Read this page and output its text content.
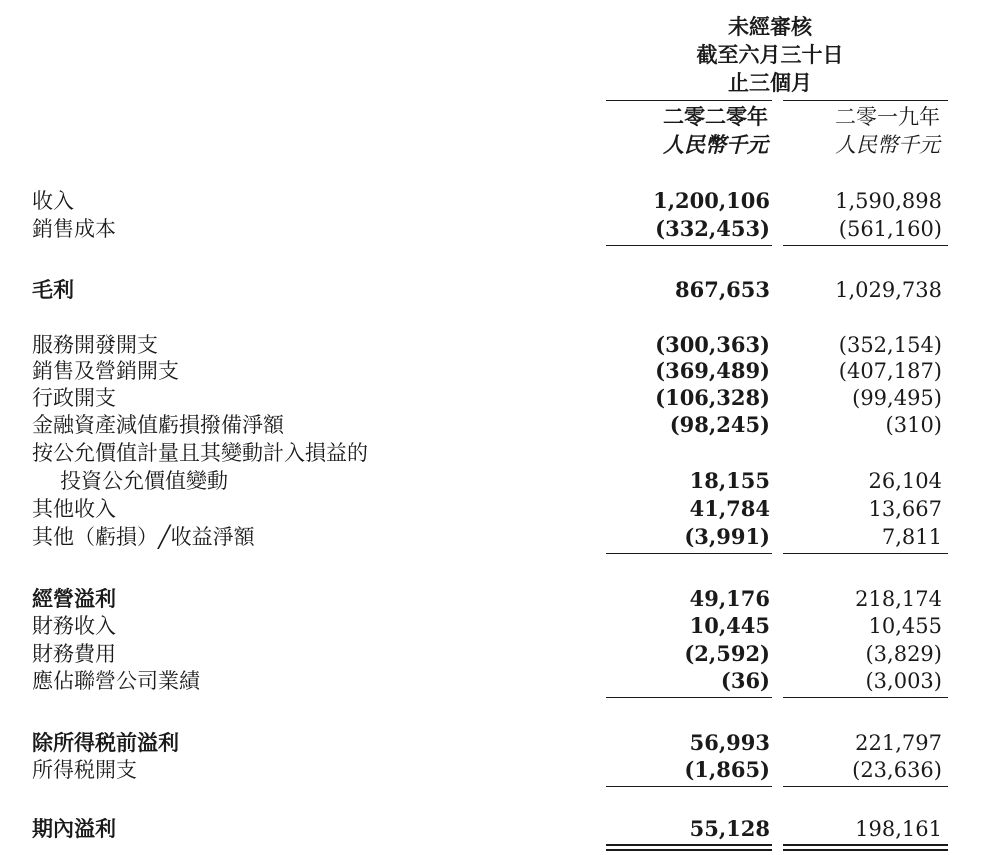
未經審核
截至六月三十日
止三個月
二零二零年
人民幣千元
二零一九年
人民幣千元
收入	1,200,106	1,590,898
銷售成本	(332,453)	(561,160)
毛利	867,653	1,029,738
服務開發開支	(300,363)	(352,154)
銷售及營銷開支	(369,489)	(407,187)
行政開支	(106,328)	(99,495)
金融資產減值虧損撥備淨額	(98,245)	(310)
按公允價值計量且其變動計入損益的
投資公允價值變動	18,155	26,104
其他收入	41,784	13,667
其他（虧損）╱收益淨額	(3,991)	7,811
經營溢利	49,176	218,174
財務收入	10,445	10,455
財務費用	(2,592)	(3,829)
應佔聯營公司業績	(36)	(3,003)
除所得税前溢利	56,993	221,797
所得税開支	(1,865)	(23,636)
期內溢利	55,128	198,161
